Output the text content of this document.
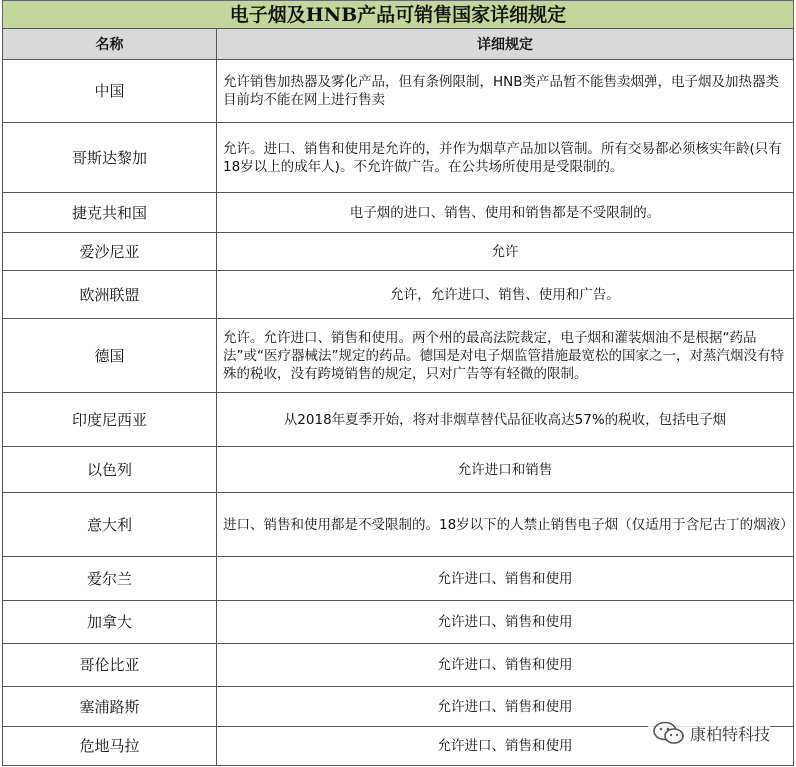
电子烟及HNB产品可销售国家详细规定
名称	详细规定
中国	允许销售加热器及雾化产品，但有条例限制，HNB类产品暂不能售卖烟弹，电子烟及加热器类目前均不能在网上进行售卖
哥斯达黎加	允许。进口、销售和使用是允许的，并作为烟草产品加以管制。所有交易都必须核实年龄(只有18岁以上的成年人)。不允许做广告。在公共场所使用是受限制的。
捷克共和国	电子烟的进口、销售、使用和销售都是不受限制的。
爱沙尼亚	允许
欧洲联盟	允许，允许进口、销售、使用和广告。
德国	允许。允许进口、销售和使用。两个州的最高法院裁定，电子烟和灌装烟油不是根据“药品法”或“医疗器械法”规定的药品。德国是对电子烟监管措施最宽松的国家之一，对蒸汽烟没有特殊的税收，没有跨境销售的规定，只对广告等有轻微的限制。
印度尼西亚	从2018年夏季开始，将对非烟草替代品征收高达57%的税收，包括电子烟
以色列	允许进口和销售
意大利	进口、销售和使用都是不受限制的。18岁以下的人禁止销售电子烟（仅适用于含尼古丁的烟液）
爱尔兰	允许进口、销售和使用
加拿大	允许进口、销售和使用
哥伦比亚	允许进口、销售和使用
塞浦路斯	允许进口、销售和使用
危地马拉	允许进口、销售和使用
康柏特科技
